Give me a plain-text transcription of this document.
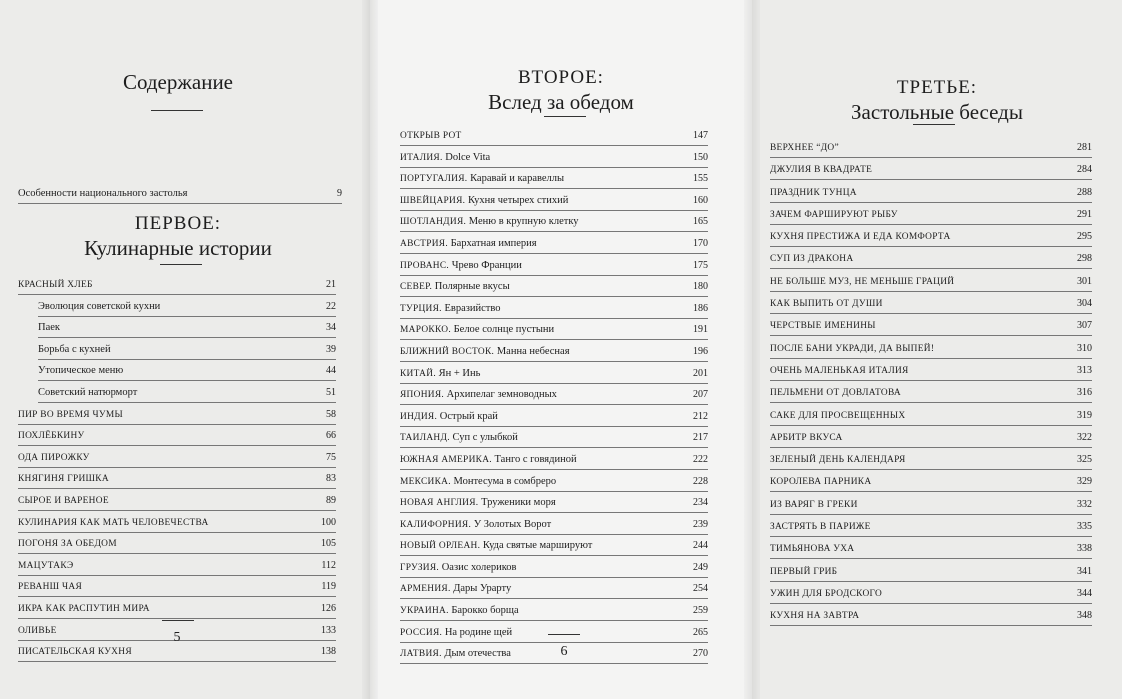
Содержание
Особенности национального застолья	9
ПЕРВОЕ:
Кулинарные истории
КРАСНЫЙ ХЛЕБ	21
Эволюция советской кухни	22
Паек	34
Борьба с кухней	39
Утопическое меню	44
Советский натюрморт	51
ПИР ВО ВРЕМЯ ЧУМЫ	58
ПОХЛЁБКИНУ	66
ОДА ПИРОЖКУ	75
КНЯГИНЯ ГРИШКА	83
СЫРОЕ И ВАРЕНОЕ	89
КУЛИНАРИЯ КАК МАТЬ ЧЕЛОВЕЧЕСТВА	100
ПОГОНЯ ЗА ОБЕДОМ	105
МАЦУТАКЭ	112
РЕВАНШ ЧАЯ	119
ИКРА КАК РАСПУТИН МИРА	126
ОЛИВЬЕ	133
ПИСАТЕЛЬСКАЯ КУХНЯ	138
5
ВТОРОЕ:
Вслед за обедом
ОТКРЫВ РОТ	147
ИТАЛИЯ. Dolce Vita	150
ПОРТУГАЛИЯ. Каравай и каравеллы	155
ШВЕЙЦАРИЯ. Кухня четырех стихий	160
ШОТЛАНДИЯ. Меню в крупную клетку	165
АВСТРИЯ. Бархатная империя	170
ПРОВАНС. Чрево Франции	175
СЕВЕР. Полярные вкусы	180
ТУРЦИЯ. Евразийство	186
МАРОККО. Белое солнце пустыни	191
БЛИЖНИЙ ВОСТОК. Манна небесная	196
КИТАЙ. Ян + Инь	201
ЯПОНИЯ. Архипелаг земноводных	207
ИНДИЯ. Острый край	212
ТАИЛАНД. Суп с улыбкой	217
ЮЖНАЯ АМЕРИКА. Танго с говядиной	222
МЕКСИКА. Монтесума в сомбреро	228
НОВАЯ АНГЛИЯ. Труженики моря	234
КАЛИФОРНИЯ. У Золотых Ворот	239
НОВЫЙ ОРЛЕАН. Куда святые маршируют	244
ГРУЗИЯ. Оазис холериков	249
АРМЕНИЯ. Дары Урарту	254
УКРАИНА. Барокко борща	259
РОССИЯ. На родине щей	265
ЛАТВИЯ. Дым отечества	270
6
ТРЕТЬЕ:
Застольные беседы
ВЕРХНЕЕ “ДО”	281
ДЖУЛИЯ В КВАДРАТЕ	284
ПРАЗДНИК ТУНЦА	288
ЗАЧЕМ ФАРШИРУЮТ РЫБУ	291
КУХНЯ ПРЕСТИЖА И ЕДА КОМФОРТА	295
СУП ИЗ ДРАКОНА	298
НЕ БОЛЬШЕ МУЗ, НЕ МЕНЬШЕ ГРАЦИЙ	301
КАК ВЫПИТЬ ОТ ДУШИ	304
ЧЕРСТВЫЕ ИМЕНИНЫ	307
ПОСЛЕ БАНИ УКРАДИ, ДА ВЫПЕЙ!	310
ОЧЕНЬ МАЛЕНЬКАЯ ИТАЛИЯ	313
ПЕЛЬМЕНИ ОТ ДОВЛАТОВА	316
САКЕ ДЛЯ ПРОСВЕЩЕННЫХ	319
АРБИТР ВКУСА	322
ЗЕЛЕНЫЙ ДЕНЬ КАЛЕНДАРЯ	325
КОРОЛЕВА ПАРНИКА	329
ИЗ ВАРЯГ В ГРЕКИ	332
ЗАСТРЯТЬ В ПАРИЖЕ	335
ТИМЬЯНОВА УХА	338
ПЕРВЫЙ ГРИБ	341
УЖИН ДЛЯ БРОДСКОГО	344
КУХНЯ НА ЗАВТРА	348
